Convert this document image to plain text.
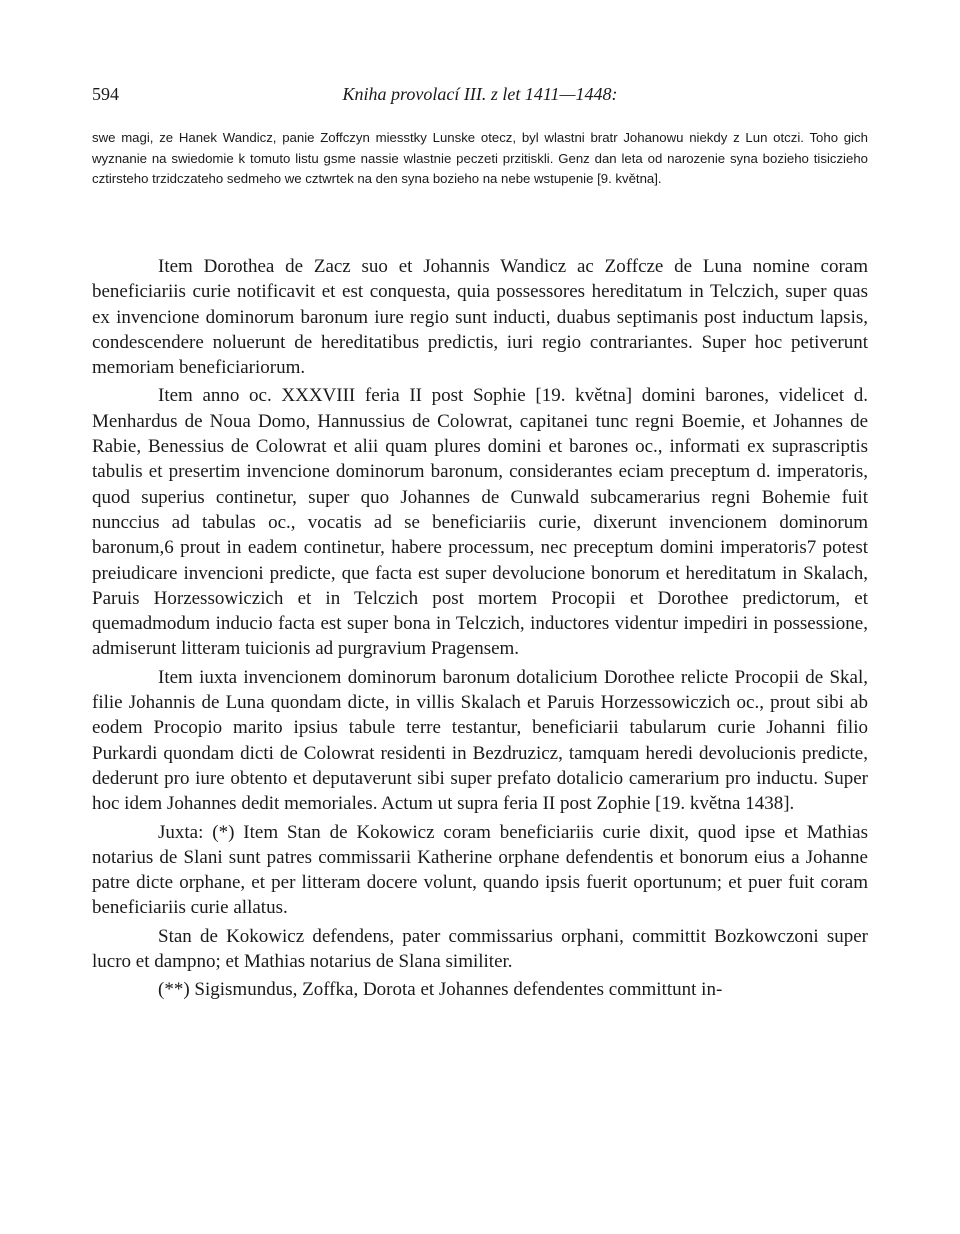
594	Kniha provolací III. z let 1411—1448:

swe magi, ze Hanek Wandicz, panie Zoffczyn miesstky Lunske otecz, byl wlastni bratr Johanowu niekdy z Lun otczi. Toho gich wyznanie na swiedomie k tomuto listu gsme nassie wlastnie peczeti przitiskli. Genz dan leta od narozenie syna bozieho tisiczieho cztirsteho trzidczateho sedmeho we cztwrtek na den syna bozieho na nebe wstupenie [9. května].

Item Dorothea de Zacz suo et Johannis Wandicz ac Zoffcze de Luna nomine coram beneficiariis curie notificavit et est conquesta, quia possessores hereditatum in Telczich, super quas ex invencione dominorum baronum iure regio sunt inducti, duabus septimanis post inductum lapsis, condescendere noluerunt de hereditatibus predictis, iuri regio contrariantes. Super hoc petiverunt memoriam beneficiariorum.

Item anno oc. XXXVIII feria II post Sophie [19. května] domini barones, videlicet d. Menhardus de Noua Domo, Hannussius de Colowrat, capitanei tunc regni Boemie, et Johannes de Rabie, Benessius de Colowrat et alii quam plures domini et barones oc., informati ex suprascriptis tabulis et presertim invencione dominorum baronum, considerantes eciam preceptum d. imperatoris, quod superius continetur, super quo Johannes de Cunwald subcamerarius regni Bohemie fuit nunccius ad tabulas oc., vocatis ad se beneficiariis curie, dixerunt invencionem dominorum baronum,6 prout in eadem continetur, habere processum, nec preceptum domini imperatoris7 potest preiudicare invencioni predicte, que facta est super devolucione bonorum et hereditatum in Skalach, Paruis Horzessowiczich et in Telczich post mortem Procopii et Dorothee predictorum, et quemadmodum inducio facta est super bona in Telczich, inductores videntur impediri in possessione, admiserunt litteram tuicionis ad purgravium Pragensem.

Item iuxta invencionem dominorum baronum dotalicium Dorothee relicte Procopii de Skal, filie Johannis de Luna quondam dicte, in villis Skalach et Paruis Horzessowiczich oc., prout sibi ab eodem Procopio marito ipsius tabule terre testantur, beneficiarii tabularum curie Johanni filio Purkardi quondam dicti de Colowrat residenti in Bezdruzicz, tamquam heredi devolucionis predicte, dederunt pro iure obtento et deputaverunt sibi super prefato dotalicio camerarium pro inductu. Super hoc idem Johannes dedit memoriales. Actum ut supra feria II post Zophie [19. května 1438].

Juxta: (*) Item Stan de Kokowicz coram beneficiariis curie dixit, quod ipse et Mathias notarius de Slani sunt patres commissarii Katherine orphane defendentis et bonorum eius a Johanne patre dicte orphane, et per litteram docere volunt, quando ipsis fuerit oportunum; et puer fuit coram beneficiariis curie allatus.

Stan de Kokowicz defendens, pater commissarius orphani, committit Bozkowczoni super lucro et dampno; et Mathias notarius de Slana similiter.

(**) Sigismundus, Zoffka, Dorota et Johannes defendentes committunt in-
